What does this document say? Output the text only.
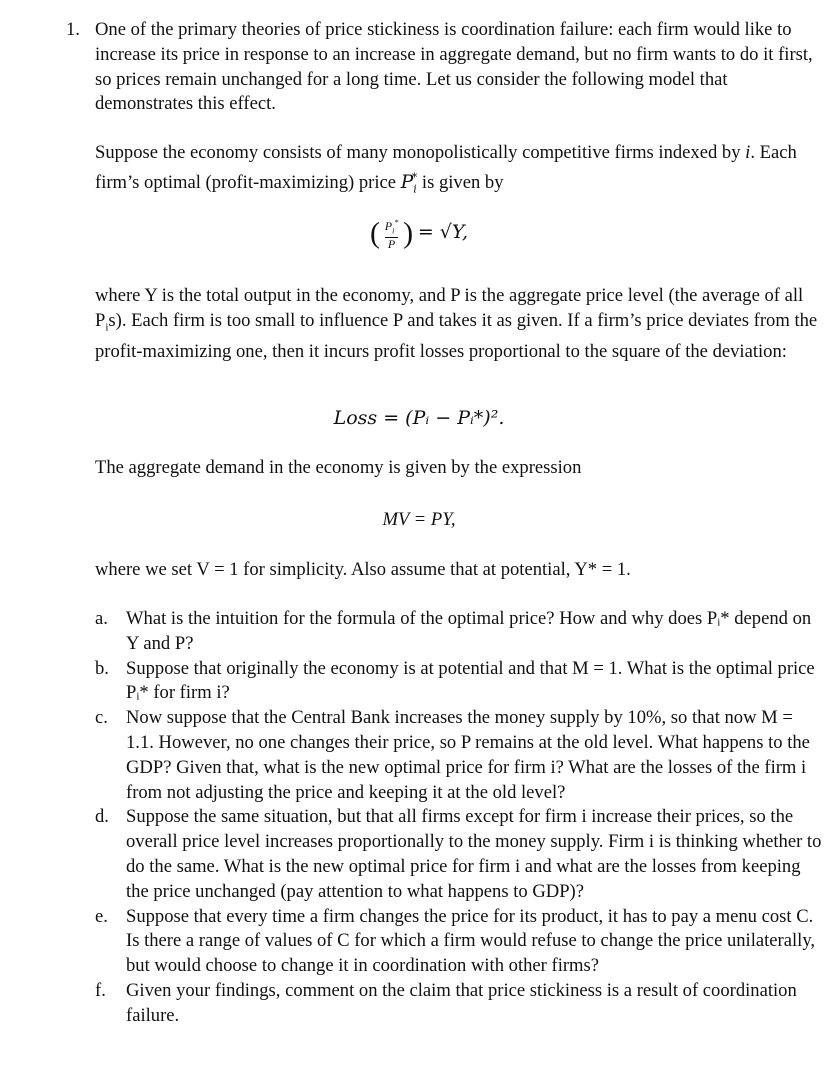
1. One of the primary theories of price stickiness is coordination failure: each firm would like to increase its price in response to an increase in aggregate demand, but no firm wants to do it first, so prices remain unchanged for a long time. Let us consider the following model that demonstrates this effect.
Suppose the economy consists of many monopolistically competitive firms indexed by i. Each firm’s optimal (profit-maximizing) price $P_i^*$ is given by
( $\frac{P_i^*}{P}$ ) = √Y,
where Y is the total output in the economy, and P is the aggregate price level (the average of all $P_is$). Each firm is too small to influence P and takes it as given. If a firm’s price deviates from the profit-maximizing one, then it incurs profit losses proportional to the square of the deviation:
Loss = (Pᵢ − Pᵢ*)².
The aggregate demand in the economy is given by the expression
MV = PY,
where we set V = 1 for simplicity. Also assume that at potential, Y* = 1.
a. What is the intuition for the formula of the optimal price? How and why does Pᵢ* depend on Y and P?
b. Suppose that originally the economy is at potential and that M = 1. What is the optimal price Pᵢ* for firm i?
c. Now suppose that the Central Bank increases the money supply by 10%, so that now M = 1.1. However, no one changes their price, so P remains at the old level. What happens to the GDP? Given that, what is the new optimal price for firm i? What are the losses of the firm i from not adjusting the price and keeping it at the old level?
d. Suppose the same situation, but that all firms except for firm i increase their prices, so the overall price level increases proportionally to the money supply. Firm i is thinking whether to do the same. What is the new optimal price for firm i and what are the losses from keeping the price unchanged (pay attention to what happens to GDP)?
e. Suppose that every time a firm changes the price for its product, it has to pay a menu cost C. Is there a range of values of C for which a firm would refuse to change the price unilaterally, but would choose to change it in coordination with other firms?
f.	Given your findings, comment on the claim that price stickiness is a result of coordination failure.
